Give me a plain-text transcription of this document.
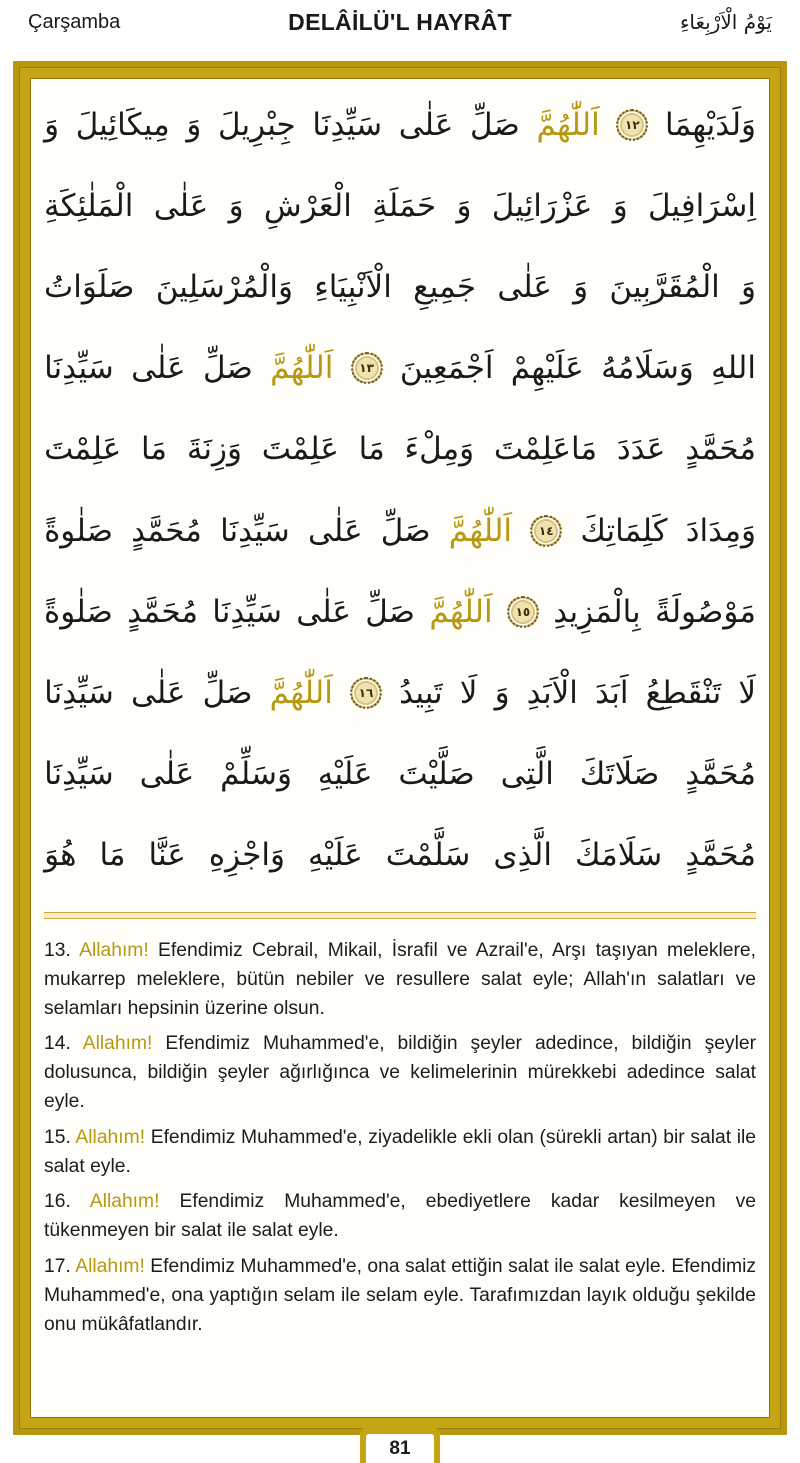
Çarşamba	DELÂİLÜ'L HAYRÂT	يَوْمُ الْاَرْبِعَاءِ
وَلَدَيْهِمَا
١٢
اَللّٰهُمَّ
صَلِّ
عَلٰى
سَيِّدِنَا
جِبْرِيلَ
وَ
مِيكَائِيلَ
وَ
اِسْرَافِيلَ
وَ
عَزْرَائِيلَ
وَ
حَمَلَةِ
الْعَرْشِ
وَ
عَلٰى
الْمَلٰئِكَةِ
وَ
الْمُقَرَّبِينَ
وَ
عَلٰى
جَمِيعِ
الْاَنْبِيَاءِ
وَالْمُرْسَلِينَ
صَلَوَاتُ
اللهِ
وَسَلَامُهُ
عَلَيْهِمْ
اَجْمَعِينَ
١٣
اَللّٰهُمَّ
صَلِّ
عَلٰى
سَيِّدِنَا
مُحَمَّدٍ
عَدَدَ
مَاعَلِمْتَ
وَمِلْءَ
مَا
عَلِمْتَ
وَزِنَةَ
مَا
عَلِمْتَ
وَمِدَادَ
كَلِمَاتِكَ
١٤
اَللّٰهُمَّ
صَلِّ
عَلٰى
سَيِّدِنَا
مُحَمَّدٍ
صَلٰوةً
مَوْصُولَةً
بِالْمَزِيدِ
١٥
اَللّٰهُمَّ
صَلِّ
عَلٰى
سَيِّدِنَا
مُحَمَّدٍ
صَلٰوةً
لَا
تَنْقَطِعُ
اَبَدَ
الْاَبَدِ
وَ
لَا
تَبِيدُ
١٦
اَللّٰهُمَّ
صَلِّ
عَلٰى
سَيِّدِنَا
مُحَمَّدٍ
صَلَاتَكَ
الَّتِى
صَلَّيْتَ
عَلَيْهِ
وَسَلِّمْ
عَلٰى
سَيِّدِنَا
مُحَمَّدٍ
سَلَامَكَ
الَّذِى
سَلَّمْتَ
عَلَيْهِ
وَاجْزِهِ
عَنَّا
مَا
هُوَ
13. Allahım! Efendimiz Cebrail, Mikail, İsrafil ve Azrail'e, Arşı taşıyan meleklere, mukarrep meleklere, bütün nebiler ve resullere salat eyle; Allah'ın salatları ve selamları hepsinin üzerine olsun.
14. Allahım! Efendimiz Muhammed'e, bildiğin şeyler adedince, bildiğin şeyler dolusunca, bildiğin şeyler ağırlığınca ve kelimelerinin mürekkebi adedince salat eyle.
15. Allahım! Efendimiz Muhammed'e, ziyadelikle ekli olan (sürekli artan) bir salat ile salat eyle.
16. Allahım! Efendimiz Muhammed'e, ebediyetlere kadar kesilmeyen ve tükenmeyen bir salat ile salat eyle.
17. Allahım! Efendimiz Muhammed'e, ona salat ettiğin salat ile salat eyle. Efendimiz Muhammed'e, ona yaptığın selam ile selam eyle. Tarafımızdan layık olduğu şekilde onu mükâfatlandır.
81
